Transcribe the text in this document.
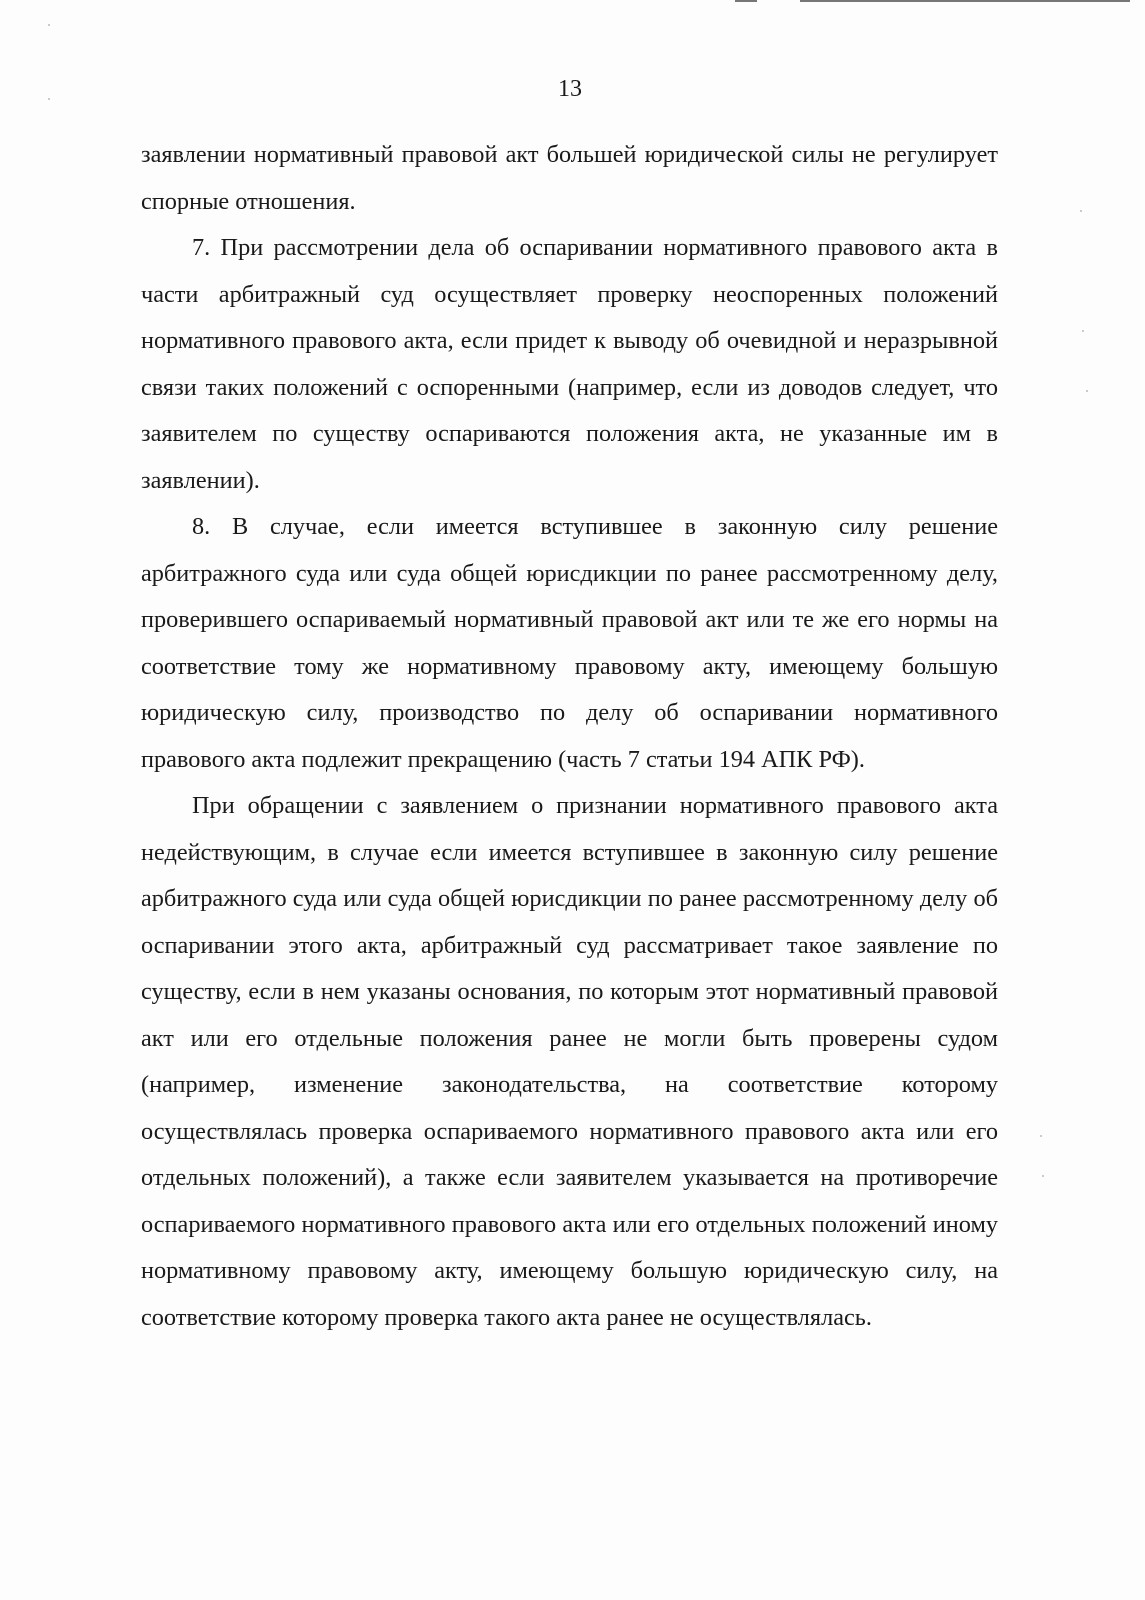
13

заявлении нормативный правовой акт большей юридической силы не регулирует спорные отношения.

7. При рассмотрении дела об оспаривании нормативного правового акта в части арбитражный суд осуществляет проверку неоспоренных положений нормативного правового акта, если придет к выводу об очевидной и неразрывной связи таких положений с оспоренными (например, если из доводов следует, что заявителем по существу оспариваются положения акта, не указанные им в заявлении).

8. В случае, если имеется вступившее в законную силу решение арбитражного суда или суда общей юрисдикции по ранее рассмотренному делу, проверившего оспариваемый нормативный правовой акт или те же его нормы на соответствие тому же нормативному правовому акту, имеющему большую юридическую силу, производство по делу об оспаривании нормативного правового акта подлежит прекращению (часть 7 статьи 194 АПК РФ).

При обращении с заявлением о признании нормативного правового акта недействующим, в случае если имеется вступившее в законную силу решение арбитражного суда или суда общей юрисдикции по ранее рассмотренному делу об оспаривании этого акта, арбитражный суд рассматривает такое заявление по существу, если в нем указаны основания, по которым этот нормативный правовой акт или его отдельные положения ранее не могли быть проверены судом (например, изменение законодательства, на соответствие которому осуществлялась проверка оспариваемого нормативного правового акта или его отдельных положений), а также если заявителем указывается на противоречие оспариваемого нормативного правового акта или его отдельных положений иному нормативному правовому акту, имеющему большую юридическую силу, на соответствие которому проверка такого акта ранее не осуществлялась.
